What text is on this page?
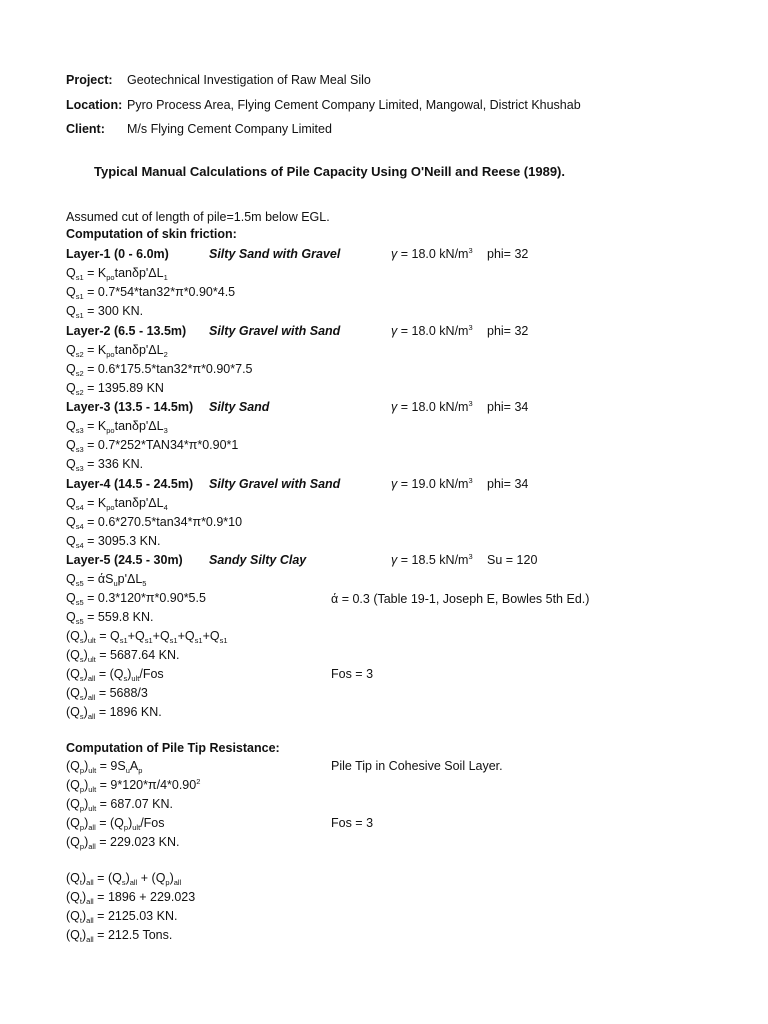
Project: Geotechnical Investigation of Raw Meal Silo
Location: Pyro Process Area, Flying Cement Company Limited, Mangowal, District Khushab
Client: M/s Flying Cement Company Limited
Typical Manual Calculations of Pile Capacity Using O'Neill and Reese (1989).
Assumed cut of length of pile=1.5m below EGL.
Computation of skin friction:
Layer-1 (0 - 6.0m)	Silty Sand with Gravel	γ = 18.0 $kN/m^3$ phi= 32
$Q_{s1} = K_{po}\tan\delta p'\Delta L_1$
$Q_{s1} = 0.7*54*\tan 32*\pi*0.90*4.5$
$Q_{s1} = 300$ KN.
Layer-2 (6.5 - 13.5m) Silty Gravel with Sand	γ = 18.0 $kN/m^3$ phi= 32
$Q_{s2} = K_{po}\tan\delta p'\Delta L_2$
$Q_{s2} = 0.6*175.5*\tan 32*\pi*0.90*7.5$
$Q_{s2} = 1395.89$ KN
Layer-3 (13.5 - 14.5m) Silty Sand	γ = 18.0 $kN/m^3$ phi= 34
$Q_{s3} = K_{po}\tan\delta p'\Delta L_3$
$Q_{s3} = 0.7*252*TAN34*\pi*0.90*1$
$Q_{s3} = 336$ KN.
Layer-4 (14.5 - 24.5m) Silty Gravel with Sand	γ = 19.0 $kN/m^3$ phi= 34
$Q_{s4} = K_{po}\tan\delta p'\Delta L_4$
$Q_{s4} = 0.6*270.5*\tan 34*\pi*0.9*10$
$Q_{s4} = 3095.3$ KN.
Layer-5 (24.5 - 30m) Sandy Silty Clay	γ = 18.5 $kN/m^3$ Su = 120
$Q_{s5} = άS_up'\Delta L_5$
$Q_{s5} = 0.3*120*\pi*0.90*5.5$
$Q_{s5} = 559.8$ KN.
ά = 0.3 (Table 19-1, Joseph E, Bowles 5th Ed.)
$(Q_s)_{ult} = Q_{s1}+Q_{s1}+Q_{s1}+Q_{s1}+Q_{s1}$
$(Q_s)_{ult} = 5687.64$ KN.
$(Q_s)_{all} = (Q_s)_{ult}/Fos$	Fos = 3
$(Q_s)_{all} = 5688/3$
$(Q_s)_{all} = 1896$ KN.
Computation of Pile Tip Resistance:
$(Q_p)_{ult} = 9S_uA_p$	Pile Tip in Cohesive Soil Layer.
$(Q_p)_{ult} = 9*120*\pi/4*0.90^2$
$(Q_p)_{ult} = 687.07$ KN.
$(Q_p)_{all} = (Q_p)_{ult}/Fos$	Fos = 3
$(Q_p)_{all} = 229.023$ KN.
$(Q_t)_{all} = (Q_s)_{all} + (Q_p)_{all}$
$(Q_t)_{all} = 1896 + 229.023$
$(Q_t)_{all} = 2125.03$ KN.
$(Q_t)_{all} = 212.5$ Tons.
